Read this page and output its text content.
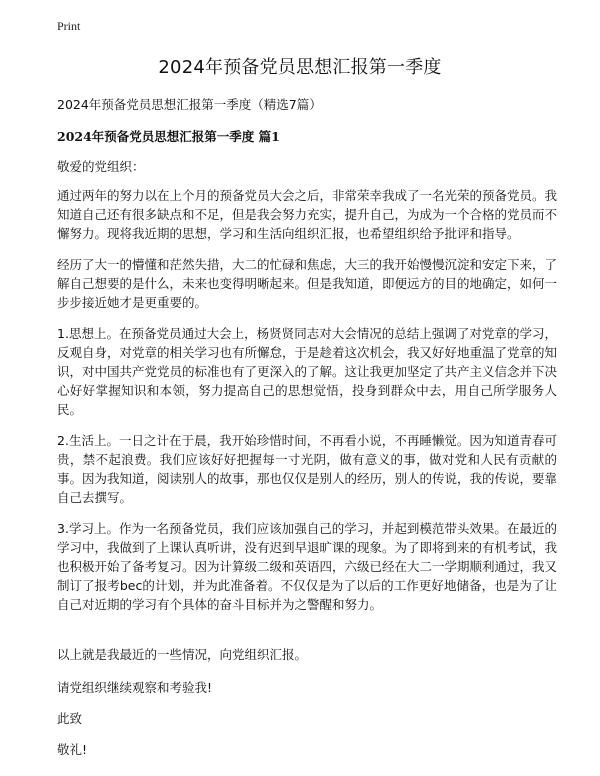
Print
2024年预备党员思想汇报第一季度

2024年预备党员思想汇报第一季度（精选7篇）

2024年预备党员思想汇报第一季度 篇1

敬爱的党组织：

通过两年的努力以在上个月的预备党员大会之后，非常荣幸我成了一名光荣的预备党员。我知道自己还有很多缺点和不足，但是我会努力充实，提升自己，为成为一个合格的党员而不懈努力。现将我近期的思想，学习和生活向组织汇报，也希望组织给予批评和指导。

经历了大一的懵懂和茫然失措，大二的忙碌和焦虑，大三的我开始慢慢沉淀和安定下来，了解自己想要的是什么，未来也变得明晰起来。但是我知道，即便远方的目的地确定，如何一步步接近她才是更重要的。

1.思想上。在预备党员通过大会上，杨贤贤同志对大会情况的总结上强调了对党章的学习，反观自身，对党章的相关学习也有所懈怠，于是趁着这次机会，我又好好地重温了党章的知识，对中国共产党党员的标准也有了更深入的了解。这让我更加坚定了共产主义信念并下决心好好掌握知识和本领，努力提高自己的思想觉悟，投身到群众中去，用自己所学服务人民。

2.生活上。一日之计在于晨，我开始珍惜时间，不再看小说，不再睡懒觉。因为知道青春可贵，禁不起浪费。我们应该好好把握每一寸光阴，做有意义的事，做对党和人民有贡献的事。因为我知道，阅读别人的故事，那也仅仅是别人的经历，别人的传说，我的传说，要靠自己去撰写。

3.学习上。作为一名预备党员，我们应该加强自己的学习，并起到模范带头效果。在最近的学习中，我做到了上课认真听讲，没有迟到早退旷课的现象。为了即将到来的有机考试，我也积极开始了备考复习。因为计算级二级和英语四，六级已经在大二一学期顺利通过，我又制订了报考bec的计划，并为此准备着。不仅仅是为了以后的工作更好地储备，也是为了让自己对近期的学习有个具体的奋斗目标并为之警醒和努力。

以上就是我最近的一些情况，向党组织汇报。

请党组织继续观察和考验我!

此致

敬礼!
